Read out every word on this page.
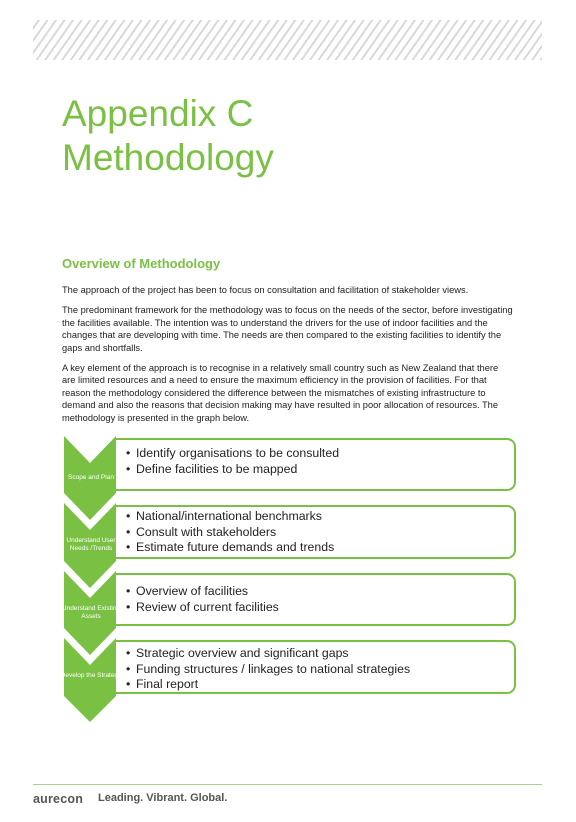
Appendix C
Methodology
Overview of Methodology

The approach of the project has been to focus on consultation and facilitation of stakeholder views.

The predominant framework for the methodology was to focus on the needs of the sector, before investigating the facilities available. The intention was to understand the drivers for the use of indoor facilities and the changes that are developing with time. The needs are then compared to the existing facilities to identify the gaps and shortfalls.

A key element of the approach is to recognise in a relatively small country such as New Zealand that there are limited resources and a need to ensure the maximum efficiency in the provision of facilities. For that reason the methodology considered the difference between the mismatches of existing infrastructure to demand and also the reasons that decision making may have resulted in poor allocation of resources. The methodology is presented in the graph below.

• Identify organisations to be consulted
• Define facilities to be mapped
• National/international benchmarks
• Consult with stakeholders
• Estimate future demands and trends
• Overview of facilities
• Review of current facilities
• Strategic overview and significant gaps
• Funding structures / linkages to national strategies
• Final report
Scope and Plan
Understand User Needs /Trends
Understand Existing Assets
Develop the Strategy
aurecon Leading. Vibrant. Global.
